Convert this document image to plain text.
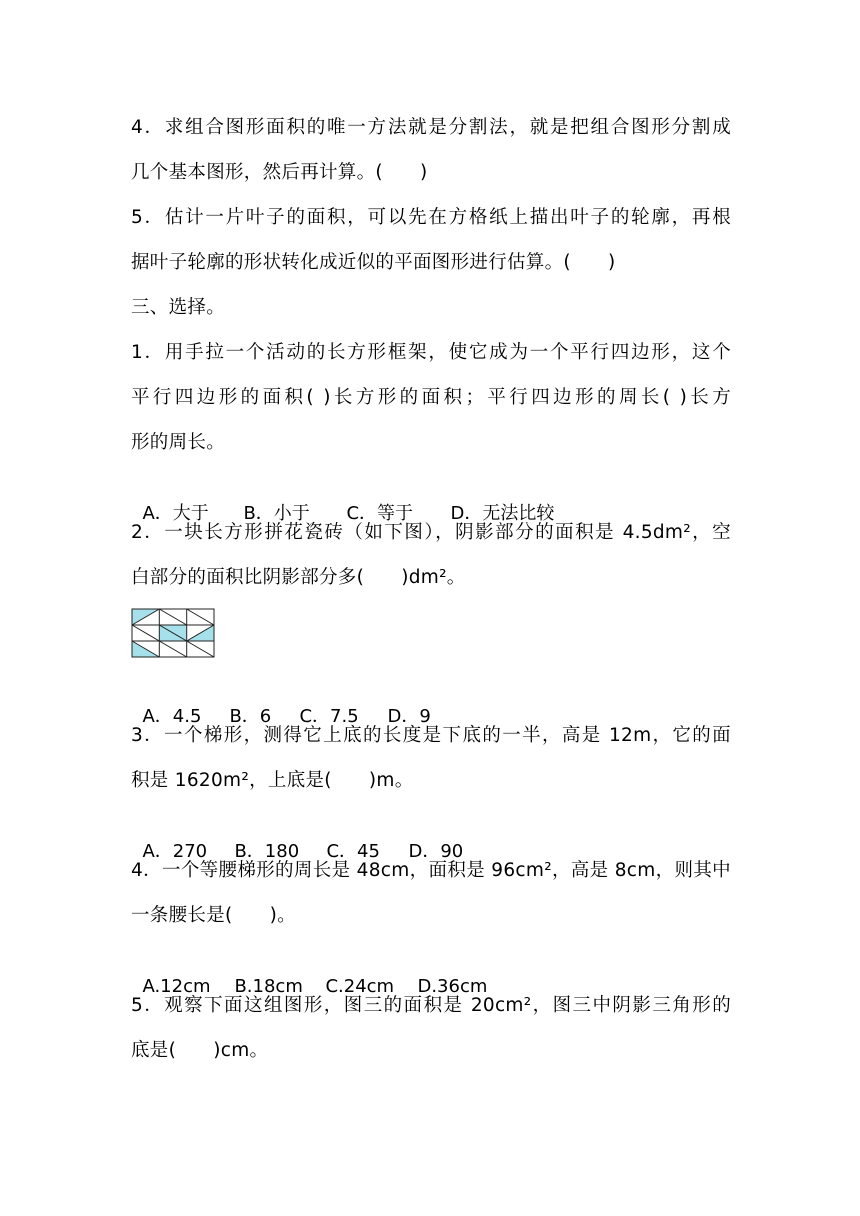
4．求组合图形面积的唯一方法就是分割法，就是把组合图形分割成
几个基本图形，然后再计算。(      )
5．估计一片叶子的面积，可以先在方格纸上描出叶子的轮廓，再根
据叶子轮廓的形状转化成近似的平面图形进行估算。(      )
三、选择。
1．用手拉一个活动的长方形框架，使它成为一个平行四边形，这个
平行四边形的面积( )长方形的面积；平行四边形的周长( )长方
形的周长。

A．大于 B．小于 C．等于 D．无法比较

2．一块长方形拼花瓷砖（如下图），阴影部分的面积是 4.5dm²，空
白部分的面积比阴影部分多(      )dm²。

A．4.5 B．6 C．7.5 D．9

3．一个梯形，测得它上底的长度是下底的一半，高是 12m，它的面
积是 1620m²，上底是(      )m。

A．270 B．180 C．45 D．90

4．一个等腰梯形的周长是 48cm，面积是 96cm²，高是 8cm，则其中
一条腰长是(      )。

A.12cm B.18cm C.24cm D.36cm

5．观察下面这组图形，图三的面积是 20cm²，图三中阴影三角形的
底是(      )cm。
